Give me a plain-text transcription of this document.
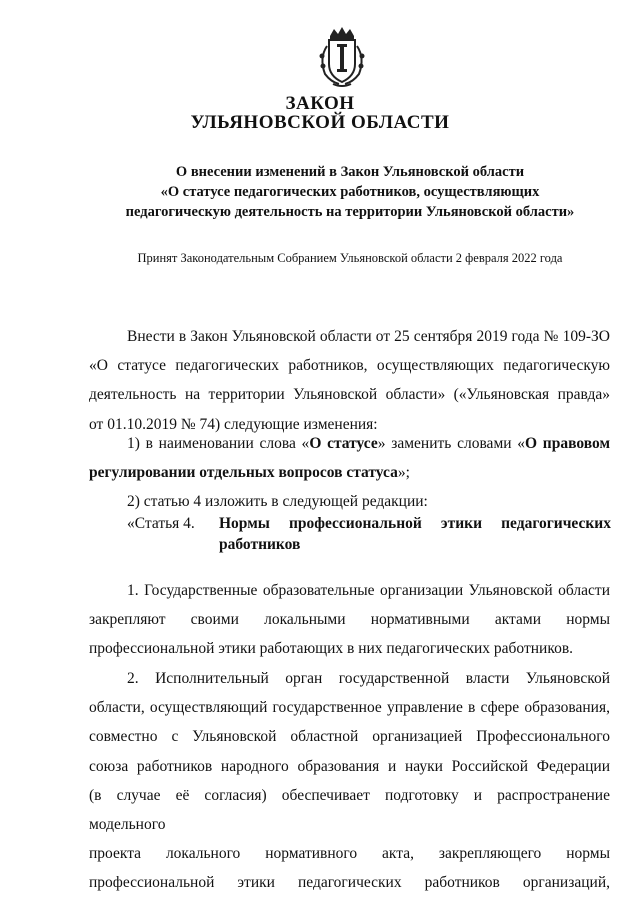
ЗАКОН
УЛЬЯНОВСКОЙ ОБЛАСТИ
О внесении изменений в Закон Ульяновской области
«О статусе педагогических работников, осуществляющих
педагогическую деятельность на территории Ульяновской области»
Принят Законодательным Собранием Ульяновской области 2 февраля 2022 года
Внести в Закон Ульяновской области от 25 сентября 2019 года № 109-ЗО
«О статусе педагогических работников, осуществляющих педагогическую
деятельность на территории Ульяновской области» («Ульяновская правда»
от 01.10.2019 № 74) следующие изменения:
1) в наименовании слова «О статусе» заменить словами «О правовом
регулировании отдельных вопросов статуса»;
2) статью 4 изложить в следующей редакции:
«Статья 4. Нормы профессиональной этики педагогических
работников
1. Государственные образовательные организации Ульяновской области
закрепляют своими локальными нормативными актами нормы
профессиональной этики работающих в них педагогических работников.
2. Исполнительный орган государственной власти Ульяновской
области, осуществляющий государственное управление в сфере образования,
совместно с Ульяновской областной организацией Профессионального
союза работников народного образования и науки Российской Федерации
(в случае её согласия) обеспечивает подготовку и распространение модельного
проекта локального нормативного акта, закрепляющего нормы
профессиональной этики педагогических работников организаций,
